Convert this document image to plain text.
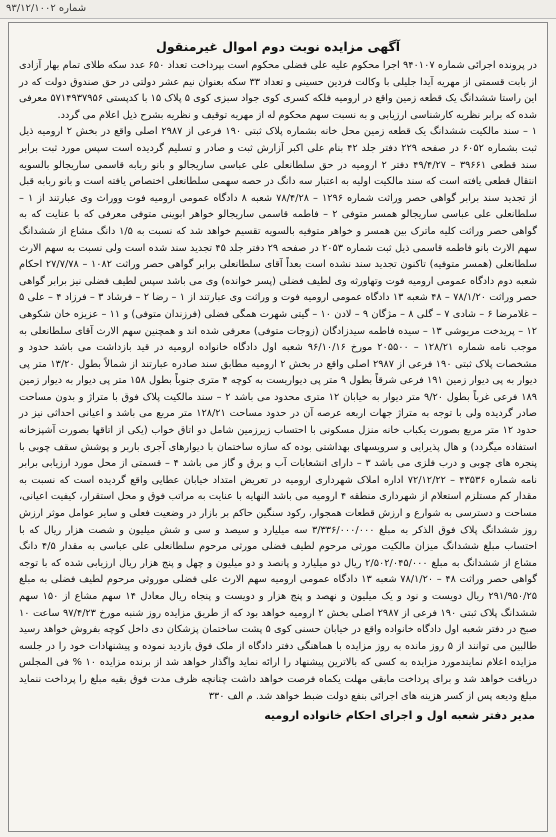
شماره ۹۳/۱۲/۱۰۰۲
آگهی مزایده نوبت دوم اموال غیرمنقول

در پرونده اجرائی شماره ۹۴۰۱۰۷ اجرا محکوم علیه علی فضلی محکوم است بپرداخت تعداد ۶۵۰ عدد سکه طلای تمام بهار آزادی از بابت قسمتی از مهریه آیدا جلیلی با وکالت فردین حسینی و تعداد ۳۳ سکه بعنوان نیم عشر دولتی در حق صندوق دولت که در این راستا ششدانگ یک قطعه زمین واقع در ارومیه فلکه کسری کوی جواد سبزی کوی ۵ پلاک ۱۵ با کدپستی ۵۷۱۴۹۳۷۹۵۶ معرفی شده که برابر نظریه کارشناسی ارزیابی و به نسبت سهم محکوم له از مهریه توقیف و نظریه بشرح ذیل اعلام می گردد.

۱ – سند مالکیت ششدانگ یک قطعه زمین محل خانه بشماره پلاک ثبتی ۱۹۰ فرعی از ۲۹۸۷ اصلی واقع در بخش ۲ ارومیه ذیل ثبت بشماره ۶۰۵۲ در صفحه ۲۲۹ دفتر جلد ۴۲ بنام علی اکبر آزارش ثبت و صادر و تسلیم گردیده است سپس مورد ثبت برابر سند قطعی ۳۹۶۶۱ – ۴۹/۴/۲۷ دفتر ۲ ارومیه در حق سلطانعلی علی عباسی ساریجالو و بانو ربابه قاسمی ساریجالو بالسویه انتقال قطعی یافته است که سند مالکیت اولیه به اعتبار سه دانگ در حصه سهمی سلطانعلی اختصاص یافته است و بانو ربابه قبل از تجدید سند برابر گواهی حصر وراثت شماره ۱۲۹۶ – ۷۸/۴/۲۸ شعبه ۸ دادگاه عمومی ارومیه فوت ووراث وی عبارتند از ۱ – سلطانعلی علی عباسی ساریجالو همسر متوفی ۲ – فاطمه قاسمی ساریجالو خواهر ابوینی متوفی معرفی که با عنایت که به گواهی حصر وراثت کلیه ماترک بین همسر و خواهر متوفیه بالسویه تقسیم خواهد شد که نسبت به ۱/۵ دانگ مشاع از ششدانگ سهم الارث بانو فاطمه قاسمی ذیل ثبت شماره ۲۰۵۳ در صفحه ۲۹ دفتر جلد ۴۵ تجدید سند شده است ولی نسبت به سهم الارث سلطانعلی (همسر متوفیه) تاکنون تجدید سند نشده است بعداً آقای سلطانعلی برابر گواهی حصر وراثت ۱۰۸۲ – ۲۷/۷/۷۸ احکام شعبه دوم دادگاه عمومی ارومیه فوت وتهاورثه وی لطیف فضلی (پسر خوانده) وی می باشد سپس لطیف فضلی نیز برابر گواهی حصر وراثت ۷۸/۱/۲۰ – ۴۸ شعبه ۱۳ دادگاه عمومی ارومیه فوت و وراثت وی عبارتند از ۱ – رضا ۲ – فرشاد ۳ – فرزاد ۴ – علی ۵ – غلامرضا ۶ – شادی ۷ – گلی ۸ – مژگان ۹ – لادن ۱۰ – گیتی شهرت همگی فضلی (فرزندان متوفی) و ۱۱ – عزیزه خان شکوهی ۱۲ – پریدخت مریوشی ۱۳ – سیده فاطمه سیدزادگان (زوجات متوفی) معرفی شده اند و همچنین سهم الارث آقای سلطانعلی به موجب نامه شماره ۱۲۸/۲۱ – ۲۰۵۵۰۰ مورخ ۹۶/۱۰/۱۶ شعبه اول دادگاه خانواده ارومیه در قید بازداشت می باشد حدود و مشخصات پلاک ثبتی ۱۹۰ فرعی از ۲۹۸۷ اصلی واقع در بخش ۲ ارومیه مطابق سند صادره عبارتند از شمالاً بطول ۱۳/۲۰ متر پی دیوار به پی دیوار زمین ۱۹۱ فرعی شرقاً بطول ۹ متر پی دیواریست به کوچه ۴ متری جنوباً بطول ۱۵۸ متر پی دیوار به دیوار زمین ۱۸۹ فرعی غرباً بطول ۹/۲۰ متر دیوار به خیابان ۱۲ متری محدود می باشد ۲ – سند مالکیت پلاک فوق با متراژ و بدون مساحت صادر گردیده ولی با توجه به متراژ جهات اربعه عرصه آن در حدود مساحت ۱۲۸/۲۱ متر مربع می باشد و اعیانی احداثی نیز در حدود ۱۲ متر مربع بصورت یکباب خانه منزل مسکونی با احتساب زیرزمین شامل دو اتاق خواب (یکی از اتاقها بصورت آشپزخانه استفاده میگردد) و هال پذیرایی و سرویسهای بهداشتی بوده که سازه ساختمان با دیوارهای آجری باربر و پوشش سقف چوبی با پنجره های چوبی و درب فلزی می باشد ۳ – دارای انشعابات آب و برق و گاز می باشد ۴ – قسمتی از محل مورد ارزیابی برابر نامه شماره ۴۳۵۳۶ – ۷۲/۱۲/۲۲ اداره املاک شهرداری ارومیه در تعریض امتداد خیابان عطایی واقع گردیده است که نسبت به مقدار کم مستلزم استعلام از شهرداری منطقه ۴ ارومیه می باشد النهایه با عنایت به مراتب فوق و محل استقرار، کیفیت اعیانی، مساحت و دسترسی به شوارع و ارزش قطعات همجوار، رکود سنگین حاکم بر بازار در وضعیت فعلی و سایر عوامل موثر ارزش روز ششدانگ پلاک فوق الذکر به مبلغ ۳/۳۳۶/۰۰۰/۰۰۰ سه میلیارد و سیصد و سی و شش میلیون و شصت هزار ریال که با احتساب مبلغ ششدانگ میزان مالکیت مورثی مرحوم لطیف فضلی مورثی مرحوم سلطانعلی علی عباسی به مقدار ۴/۵ دانگ مشاع از ششدانگ به مبلغ ۲/۵۰۲/۰۴۵/۰۰۰ ریال دو میلیارد و پانصد و دو میلیون و چهل و پنج هزار ریال ارزیابی شده که با توجه گواهی حصر وراثت ۴۸ – ۷۸/۱/۲۰ شعبه ۱۳ دادگاه عمومی ارومیه سهم الارث علی فضلی موروثی مرحوم لطیف فضلی به مبلغ ۲۹۱/۹۵۰/۲۵ ریال دویست و نود و یک میلیون و نهصد و پنج هزار و دویست و پنجاه ریال معادل ۱۴ سهم مشاع از ۱۵۰ سهم ششدانگ پلاک ثبتی ۱۹۰ فرعی از ۲۹۸۷ اصلی بخش ۲ ارومیه خواهد بود که از طریق مزایده روز شنبه مورخ ۹۷/۴/۲۳ ساعت ۱۰ صبح در دفتر شعبه اول دادگاه خانواده واقع در خیابان حسنی کوی ۵ پشت ساختمان پزشکان دی داخل کوچه بفروش خواهد رسید طالبین می توانند از ۵ روز مانده به روز مزایده با هماهنگی دفتر دادگاه از ملک فوق بازدید نموده و پیشنهادات خود را در جلسه مزایده اعلام نمایندمورد مزایده به کسی که بالاترین پیشنهاد را ارائه نماید واگذار خواهد شد از برنده مزایده ۱۰ % فی المجلس دریافت خواهد شد و برای پرداخت مابقی مهلت یکماه فرصت خواهد داشت چنانچه ظرف مدت فوق بقیه مبلغ را پرداخت ننماید مبلغ ودیعه پس از کسر هزینه های اجرائی بنفع دولت ضبط خواهد شد. م الف ۳۳۰

مدیر دفتر شعبه اول و اجرای احکام خانواده ارومیه
